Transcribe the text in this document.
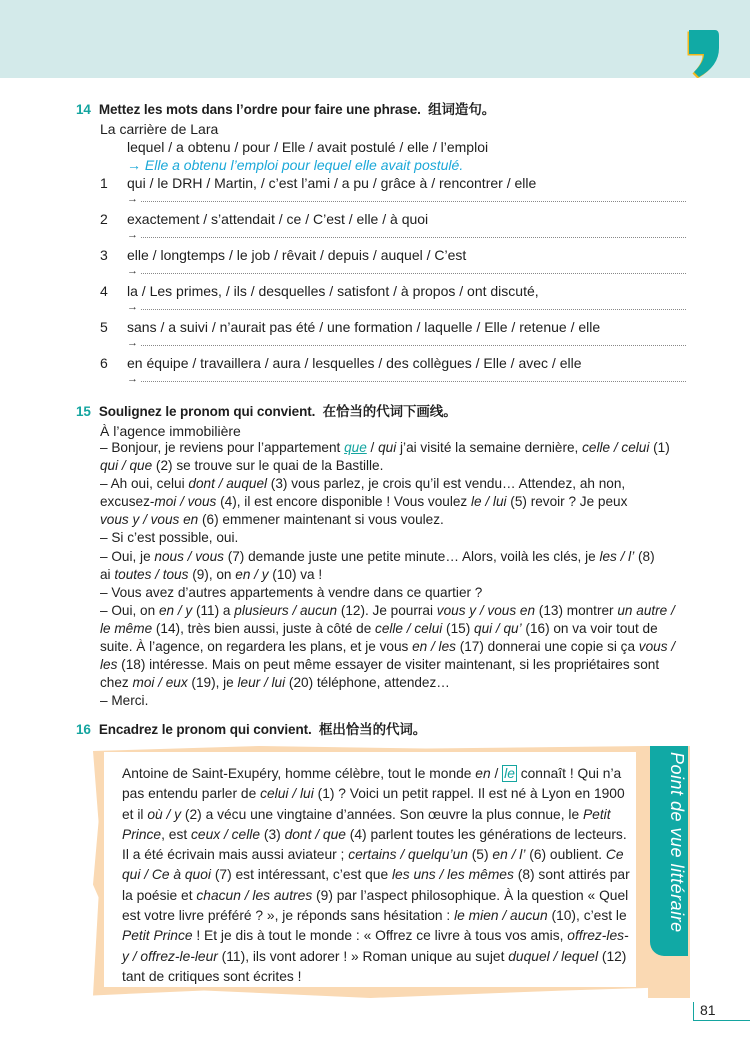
14 Mettez les mots dans l’ordre pour faire une phrase. 组词造句。
La carrière de Lara
lequel / a obtenu / pour / Elle / avait postulé / elle / l’emploi
→ Elle a obtenu l’emploi pour lequel elle avait postulé.
1 qui / le DRH / Martin, / c’est l’ami / a pu / grâce à / rencontrer / elle
→
2 exactement / s’attendait / ce / C’est / elle / à quoi
→
3 elle / longtemps / le job / rêvait / depuis / auquel / C’est
→
4 la / Les primes, / ils / desquelles / satisfont / à propos / ont discuté,
→
5 sans / a suivi / n’aurait pas été / une formation / laquelle / Elle / retenue / elle
→
6 en équipe / travaillera / aura / lesquelles / des collègues / Elle / avec / elle
→
15 Soulignez le pronom qui convient. 在恰当的代词下画线。
À l’agence immobilière

– Bonjour, je reviens pour l’appartement que / qui j’ai visité la semaine dernière, celle / celui (1)

qui / que (2) se trouve sur le quai de la Bastille.

– Ah oui, celui dont / auquel (3) vous parlez, je crois qu’il est vendu… Attendez, ah non,

excusez-moi / vous (4), il est encore disponible ! Vous voulez le / lui (5) revoir ? Je peux

vous y / vous en (6) emmener maintenant si vous voulez.

– Si c’est possible, oui.

– Oui, je nous / vous (7) demande juste une petite minute… Alors, voilà les clés, je les / l’ (8)

ai toutes / tous (9), on en / y (10) va !

– Vous avez d’autres appartements à vendre dans ce quartier ?

– Oui, on en / y (11) a plusieurs / aucun (12). Je pourrai vous y / vous en (13) montrer un autre /

le même (14), très bien aussi, juste à côté de celle / celui (15) qui / qu’ (16) on va voir tout de

suite. À l’agence, on regardera les plans, et je vous en / les (17) donnerai une copie si ça vous /

les (18) intéresse. Mais on peut même essayer de visiter maintenant, si les propriétaires sont

chez moi / eux (19), je leur / lui (20) téléphone, attendez…

– Merci.

16 Encadrez le pronom qui convient. 框出恰当的代词。
Point de vue littéraire
Antoine de Saint-Exupéry, homme célèbre, tout le monde en / le connaît ! Qui n’a pas entendu parler de celui / lui (1) ? Voici un petit rappel. Il est né à Lyon en 1900 et il où / y (2) a vécu une vingtaine d’années. Son œuvre la plus connue, le Petit Prince, est ceux / celle (3) dont / que (4) parlent toutes les générations de lecteurs. Il a été écrivain mais aussi aviateur ; certains / quelqu’un (5) en / l’ (6) oublient. Ce qui / Ce à quoi (7) est intéressant, c’est que les uns / les mêmes (8) sont attirés par la poésie et chacun / les autres (9) par l’aspect philosophique. À la question « Quel est votre livre préféré ? », je réponds sans hésitation : le mien / aucun (10), c’est le Petit Prince ! Et je dis à tout le monde : « Offrez ce livre à tous vos amis, offrez-les-y / offrez-le-leur (11), ils vont adorer ! » Roman unique au sujet duquel / lequel (12) tant de critiques sont écrites !
81
